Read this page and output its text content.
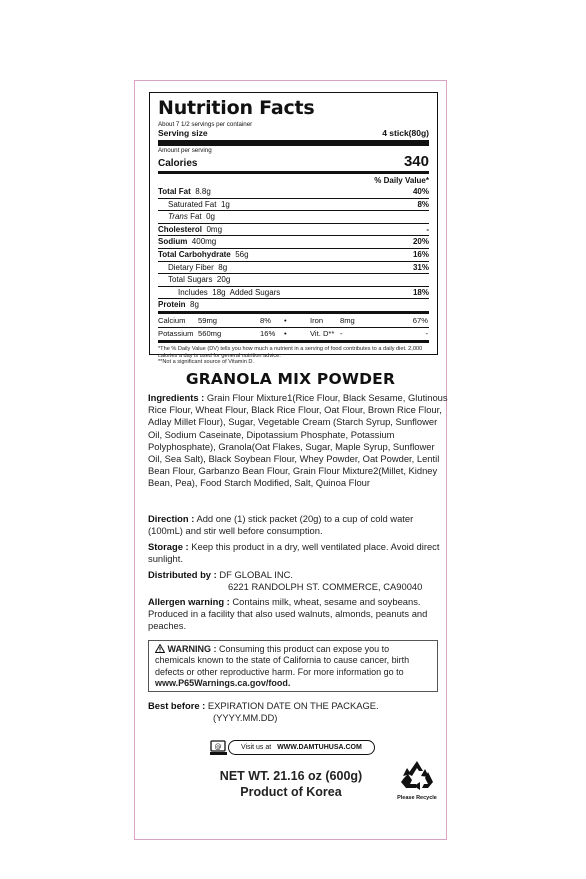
Nutrition Facts
About 7 1/2 servings per container
Serving size	4 stick(80g)
Amount per serving
Calories	340
% Daily Value*
Total Fat 8.8g	40%
Saturated Fat 1g	8%
Trans Fat 0g
Cholesterol 0mg	-
Sodium 400mg	20%
Total Carbohydrate 56g	16%
Dietary Fiber 8g	31%
Total Sugars 20g
Includes 18g  Added Sugars	18%
Protein 8g
Calcium	59mg	8%	•	Iron	8mg	67%
Potassium 560mg	16%	•	Vit. D** -	-
*The % Daily Value (DV) tells you how much a nutrient in a serving of food contributes to a daily diet. 2,000 calories a day is used for general nutrition advice.
**Not a significant source of Vitamin D.
GRANOLA MIX POWDER
Ingredients : Grain Flour Mixture1(Rice Flour, Black Sesame, Glutinous Rice Flour, Wheat Flour, Black Rice Flour, Oat Flour, Brown Rice Flour, Adlay Millet Flour), Sugar, Vegetable Cream (Starch Syrup, Sunflower Oil, Sodium Caseinate, Dipotassium Phosphate, Potassium Polyphosphate), Granola(Oat Flakes, Sugar, Maple Syrup, Sunflower Oil, Sea Salt), Black Soybean Flour, Whey Powder, Oat Powder, Lentil Bean Flour, Garbanzo Bean Flour, Grain Flour Mixture2(Millet, Kidney Bean, Pea), Food Starch Modified, Salt, Quinoa Flour
Direction : Add one (1) stick packet (20g) to a cup of cold water (100mL) and stir well before consumption.
Storage : Keep this product in a dry, well ventilated place. Avoid direct sunlight.
Distributed by : DF GLOBAL INC.
6221 RANDOLPH ST. COMMERCE, CA90040
Allergen warning : Contains milk, wheat, sesame and soybeans. Produced in a facility that also used walnuts, almonds, peanuts and peaches.
WARNING : Consuming this product can expose you to chemicals known to the state of California to cause cancer, birth defects or other reproductive harm. For more information go to www.P65Warnings.ca.gov/food.
Best before : EXPIRATION DATE ON THE PACKAGE.
(YYYY.MM.DD)
@	Visit us at WWW.DAMTUHUSA.COM
NET WT. 21.16 oz (600g)
Product of Korea	Please Recycle
